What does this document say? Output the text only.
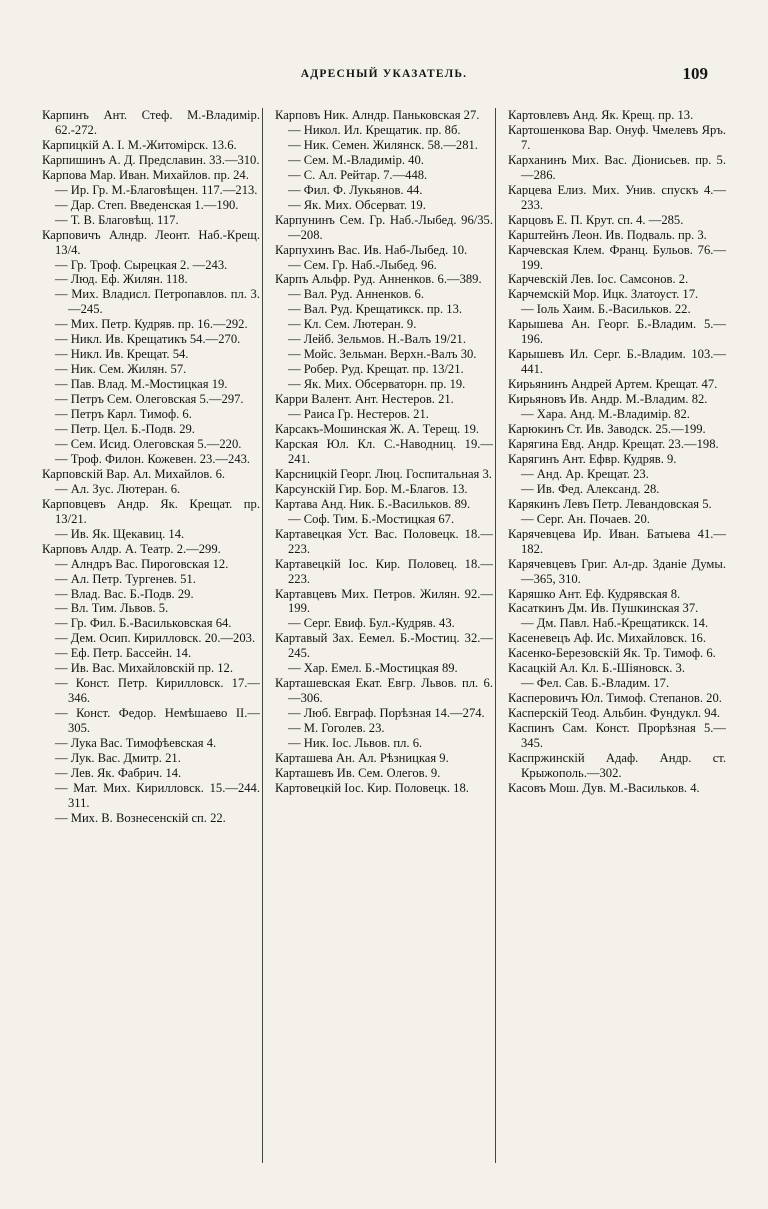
АДРЕСНЫЙ УКАЗАТЕЛЬ.	109
Карпинъ Ант. Стеф. М.-Владимір. 62.-272.
Карпицкій А. І. М.-Житомірск. 13.6.
Карпишинъ А. Д. Предславин. 33.—310.
Карпова Мар. Иван. Михайлов. пр. 24.
— Ир. Гр. М.-Благовѣщен. 117.—213.
— Дар. Степ. Введенская 1.—190.
— Т. В. Благовѣщ. 117.
Карповичъ Алндр. Леонт. Наб.-Крещ. 13/4.
— Гр. Троф. Сырецкая 2. —243.
— Люд. Еф. Жилян. 118.
— Мих. Владисл. Петропавлов. пл. 3.—245.
— Мих. Петр. Кудряв. пр. 16.—292.
— Никл. Ив. Крещатикъ 54.—270.
— Никл. Ив. Крещат. 54.
— Ник. Сем. Жилян. 57.
— Пав. Влад. М.-Мостицкая 19.
— Петръ Сем. Олеговская 5.—297.
— Петръ Карл. Тимоф. 6.
— Петр. Цел. Б.-Подв. 29.
— Сем. Исид. Олеговская 5.—220.
— Троф. Филон. Кожевен. 23.—243.
Карповскій Вар. Ал. Михайлов. 6.
— Ал. Зус. Лютеран. 6.
Карповцевъ Андр. Як. Крещат. пр. 13/21.
— Ив. Як. Щекавиц. 14.
Карповъ Алдр. А. Театр. 2.—299.
— Алндръ Вас. Пироговская 12.
— Ал. Петр. Тургенев. 51.
— Влад. Вас. Б.-Подв. 29.
— Вл. Тим. Львов. 5.
— Гр. Фил. Б.-Васильковская 64.
— Дем. Осип. Кирилловск. 20.—203.
— Еф. Петр. Бассейн. 14.
— Ив. Вас. Михайловскій пр. 12.
— Конст. Петр. Кирилловск. 17.—346.
— Конст. Федор. Немѣшаево II.—305.
— Лука Вас. Тимофѣевская 4.
— Лук. Вас. Дмитр. 21.
— Лев. Як. Фабрич. 14.
— Мат. Мих. Кирилловск. 15.—244. 311.
— Мих. В. Вознесенскій сп. 22.
Карповъ Ник. Алндр. Паньковская 27.
— Никол. Ил. Крещатик. пр. 8б.
— Ник. Семен. Жилянск. 58.—281.
— Сем. М.-Владимір. 40.
— С. Ал. Рейтар. 7.—448.
— Фил. Ф. Лукьянов. 44.
— Як. Мих. Обсерват. 19.
Карпунинъ Сем. Гр. Наб.-Лыбед. 96/35.—208.
Карпухинъ Вас. Ив. Наб-Лыбед. 10.
— Сем. Гр. Наб.-Лыбед. 96.
Карпъ Альфр. Руд. Анненков. 6.—389.
— Вал. Руд. Анненков. 6.
— Вал. Руд. Крещатикск. пр. 13.
— Кл. Сем. Лютеран. 9.
— Лейб. Зельмов. Н.-Валъ 19/21.
— Мойс. Зельман. Верхн.-Валъ 30.
— Робер. Руд. Крещат. пр. 13/21.
— Як. Мих. Обсерваторн. пр. 19.
Карри Валент. Ант. Нестеров. 21.
— Раиса Гр. Нестеров. 21.
Карсакъ-Мошинская Ж. А. Терещ. 19.
Карская Юл. Кл. С.-Наводниц. 19.—241.
Карсницкій Георг. Люц. Госпитальная 3.
Карсунскій Гир. Бор. М.-Благов. 13.
Картава Анд. Ник. Б.-Васильков. 89.
— Соф. Тим. Б.-Мостицкая 67.
Картавецкая Уст. Вас. Половецк. 18.—223.
Картавецкій Іос. Кир. Половец. 18.—223.
Картавцевъ Мих. Петров. Жилян. 92.—199.
— Серг. Евиф. Бул.-Кудряв. 43.
Картавый Зах. Еемел. Б.-Мостиц. 32.—245.
— Хар. Емел. Б.-Мостицкая 89.
Карташевская Екат. Евгр. Львов. пл. 6.—306.
— Люб. Евграф. Порѣзная 14.—274.
— М. Гоголев. 23.
— Ник. Іос. Львов. пл. 6.
Карташева Ан. Ал. Рѣзницкая 9.
Карташевъ Ив. Сем. Олегов. 9.
Картовецкій Іос. Кир. Половецк. 18.
Картовлевъ Анд. Як. Крещ. пр. 13.
Картошенкова Вар. Онуф. Чмелевъ Яръ. 7.
Карханинъ Мих. Вас. Діонисьев. пр. 5.—286.
Карцева Елиз. Мих. Унив. спускъ 4.—233.
Карцовъ Е. П. Крут. сп. 4. —285.
Карштейнъ Леон. Ив. Подваль. пр. 3.
Карчевская Клем. Франц. Бульов. 76.—199.
Карчевскій Лев. Іос. Самсонов. 2.
Карчемскій Мор. Ицк. Златоуст. 17.
— Іоль Хаим. Б.-Васильков. 22.
Карышева Ан. Георг. Б.-Владим. 5.—196.
Карышевъ Ил. Серг. Б.-Владим. 103.—441.
Кирьянинъ Андрей Артем. Крещат. 47.
Кирьяновъ Ив. Андр. М.-Владим. 82.
— Хара. Анд. М.-Владимір. 82.
Карюкинъ Ст. Ив. Заводск. 25.—199.
Карягина Евд. Андр. Крещат. 23.—198.
Карягинъ Ант. Ефвр. Кудряв. 9.
— Анд. Ар. Крещат. 23.
— Ив. Фед. Александ. 28.
Карякинъ Левъ Петр. Левандовская 5.
— Серг. Ан. Почаев. 20.
Карячевцева Ир. Иван. Батыева 41.—182.
Карячевцевъ Григ. Ал-др. Зданіе Думы.—365, 310.
Каряшко Ант. Еф. Кудрявская 8.
Касаткинъ Дм. Ив. Пушкинская 37.
— Дм. Павл. Наб.-Крещатикск. 14.
Касеневецъ Аф. Ис. Михайловск. 16.
Касенко-Березовскій Як. Тр. Тимоф. 6.
Касацкій Ал. Кл. Б.-Шіяновск. 3.
— Фел. Сав. Б.-Владим. 17.
Касперовичъ Юл. Тимоф. Степанов. 20.
Касперскій Теод. Альбин. Фундукл. 94.
Каспинъ Сам. Конст. Прорѣзная 5.—345.
Каспржинскій Адаф. Андр. ст. Крыжополь.—302.
Касовъ Мош. Дув. М.-Васильков. 4.
